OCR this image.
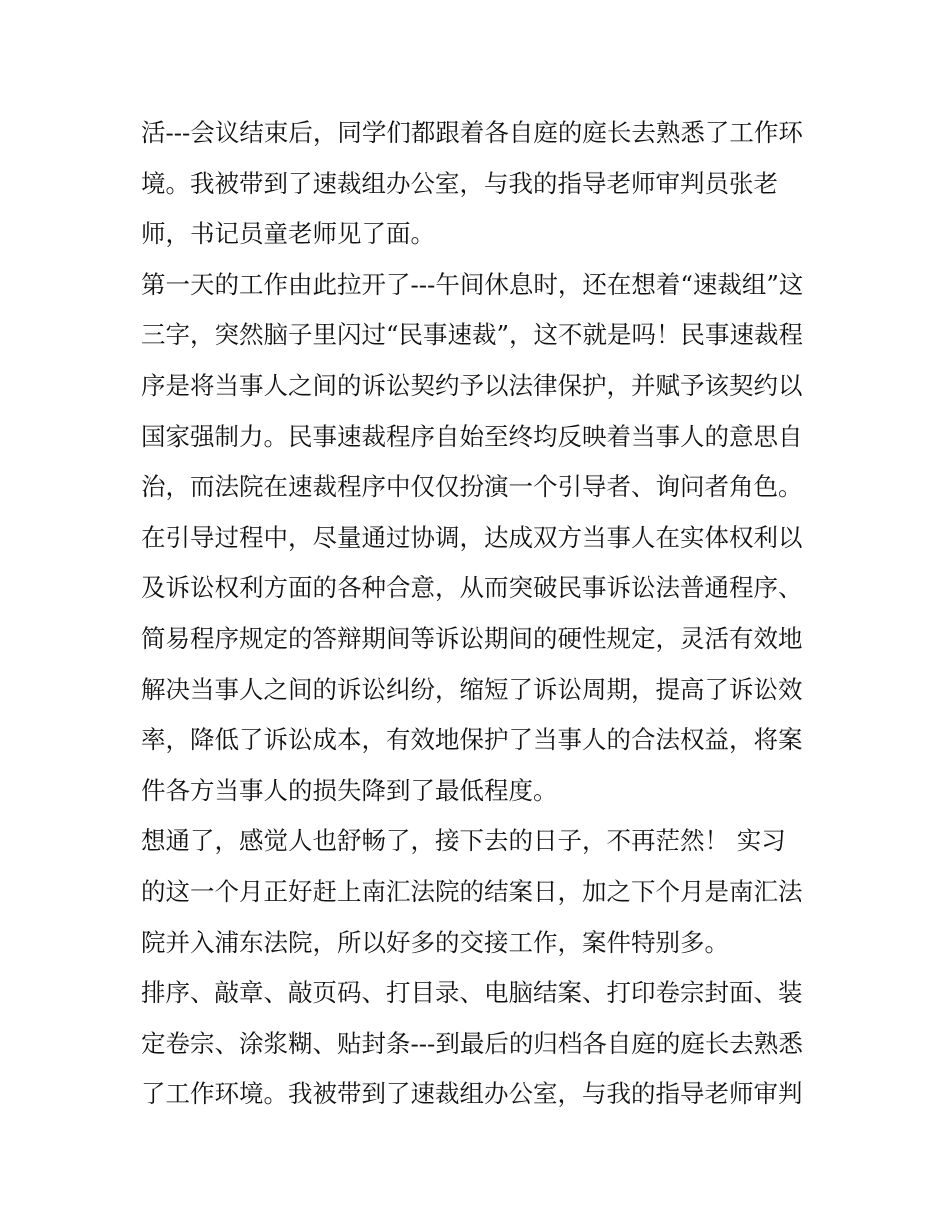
活---会议结束后，同学们都跟着各自庭的庭长去熟悉了工作环
境。我被带到了速裁组办公室，与我的指导老师审判员张老
师，书记员童老师见了面。
第一天的工作由此拉开了---午间休息时，还在想着“速裁组”这
三字，突然脑子里闪过“民事速裁”，这不就是吗！民事速裁程
序是将当事人之间的诉讼契约予以法律保护，并赋予该契约以
国家强制力。民事速裁程序自始至终均反映着当事人的意思自
治，而法院在速裁程序中仅仅扮演一个引导者、询问者角色。
在引导过程中，尽量通过协调，达成双方当事人在实体权利以
及诉讼权利方面的各种合意，从而突破民事诉讼法普通程序、
简易程序规定的答辩期间等诉讼期间的硬性规定，灵活有效地
解决当事人之间的诉讼纠纷，缩短了诉讼周期，提高了诉讼效
率，降低了诉讼成本，有效地保护了当事人的合法权益，将案
件各方当事人的损失降到了最低程度。
想通了，感觉人也舒畅了，接下去的日子，不再茫然！ 实习
的这一个月正好赶上南汇法院的结案日，加之下个月是南汇法
院并入浦东法院，所以好多的交接工作，案件特别多。
排序、敲章、敲页码、打目录、电脑结案、打印卷宗封面、装
定卷宗、涂浆糊、贴封条---到最后的归档各自庭的庭长去熟悉
了工作环境。我被带到了速裁组办公室，与我的指导老师审判
